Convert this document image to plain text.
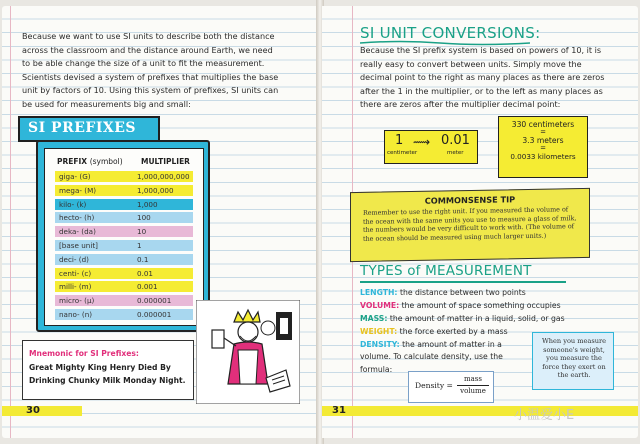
Because we want to use SI units to describe both the distance across the classroom and the distance around Earth, we need to be able change the size of a unit to fit the measurement. Scientists devised a system of prefixes that multiplies the base unit by factors of 10. Using this system of prefixes, SI units can be used for measurements big and small:
SI PREFIXES
PREFIX (symbol) MULTIPLIER
giga- (G)	1,000,000,000
mega- (M)	1,000,000
kilo- (k)	1,000
hecto- (h)	100
deka- (da)	10
[base unit]	1
deci- (d)	0.1
centi- (c)	0.01
milli- (m)	0.001
micro- (μ)	0.000001
nano- (n)	0.000001
Mnemonic for SI Prefixes:
Great Mighty King Henry Died By Drinking Chunky Milk Monday Night.
30
SI UNIT CONVERSIONS:
Because the SI prefix system is based on powers of 10, it is really easy to convert between units. Simply move the decimal point to the right as many places as there are zeros after the 1 in the multiplier, or to the left as many places as there are zeros after the multiplier decimal point:
1
centimeter
⟿ 0.01
meter
330 centimeters
=
3.3 meters
=
0.0033 kilometers
COMMONSENSE TIP
Remember to use the right unit. If you measured the volume of the ocean with the same units you use to measure a glass of milk, the numbers would be very difficult to work with. (The volume of the ocean should be measured using much larger units.)
TYPES of MEASUREMENT
LENGTH: the distance between two points
VOLUME: the amount of space something occupies
MASS: the amount of matter in a liquid, solid, or gas
WEIGHT: the force exerted by a mass
DENSITY: the amount of matter in a
volume. To calculate density, use the
formula:
Density =
mass
volume
When you measure someone's weight, you measure the force they exert on the earth.
31	小温爱小E
